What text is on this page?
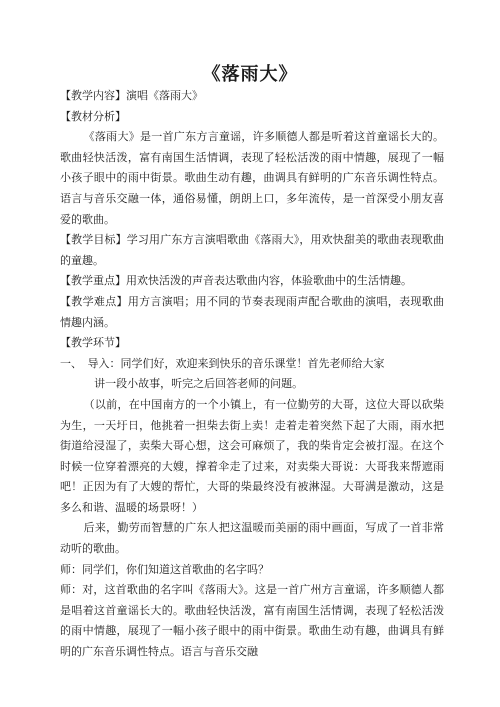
《落雨大》

【教学内容】演唱《落雨大》

【教材分析】

《落雨大》是一首广东方言童谣，许多顺德人都是听着这首童谣长大的。歌曲轻快活泼，富有南国生活情调，表现了轻松活泼的雨中情趣，展现了一幅小孩子眼中的雨中街景。歌曲生动有趣，曲调具有鲜明的广东音乐调性特点。语言与音乐交融一体，通俗易懂，朗朗上口，多年流传，是一首深受小朋友喜爱的歌曲。

【教学目标】学习用广东方言演唱歌曲《落雨大》，用欢快甜美的歌曲表现歌曲的童趣。

【教学重点】用欢快活泼的声音表达歌曲内容，体验歌曲中的生活情趣。

【教学难点】用方言演唱；用不同的节奏表现雨声配合歌曲的演唱，表现歌曲情趣内涵。

【教学环节】

一、　导入：同学们好，欢迎来到快乐的音乐课堂！首先老师给大家

讲一段小故事，听完之后回答老师的问题。

（以前，在中国南方的一个小镇上，有一位勤劳的大哥，这位大哥以砍柴为生，一天圩日，他挑着一担柴去街上卖！走着走着突然下起了大雨，雨水把街道给浸湿了，卖柴大哥心想，这会可麻烦了，我的柴肯定会被打湿。在这个时候一位穿着漂亮的大嫂，撑着伞走了过来，对卖柴大哥说：大哥我来帮遮雨吧！正因为有了大嫂的帮忙，大哥的柴最终没有被淋湿。大哥满是激动，这是多么和谐、温暖的场景呀！）

后来，勤劳而智慧的广东人把这温暖而美丽的雨中画面，写成了一首非常动听的歌曲。

师：同学们，你们知道这首歌曲的名字吗？

师：对，这首歌曲的名字叫《落雨大》。这是一首广州方言童谣，许多顺德人都是唱着这首童谣长大的。歌曲轻快活泼，富有南国生活情调，表现了轻松活泼的雨中情趣，展现了一幅小孩子眼中的雨中街景。歌曲生动有趣，曲调具有鲜明的广东音乐调性特点。语言与音乐交融
